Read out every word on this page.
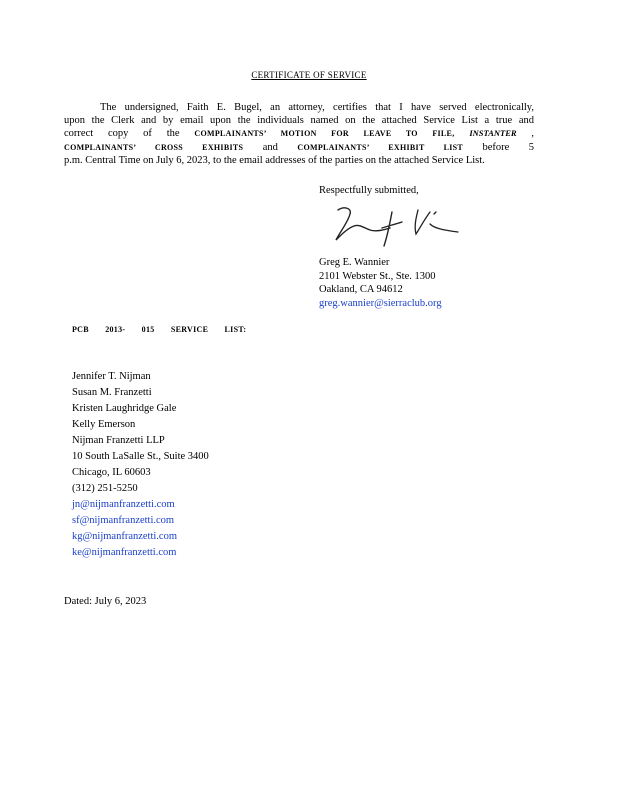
CERTIFICATE OF SERVICE
The undersigned, Faith E. Bugel, an attorney, certifies that I have served electronically,
upon the Clerk and by email upon the individuals named on the attached Service List a true and
correct copy of the COMPLAINANTS’ MOTION FOR LEAVE TO FILE, INSTANTER ,
COMPLAINANTS’ CROSS EXHIBITS and COMPLAINANTS’ EXHIBIT LIST before 5
p.m. Central Time on July 6, 2023, to the email addresses of the parties on the attached Service List.
Respectfully submitted,
Greg E. Wannier
2101 Webster St., Ste. 1300
Oakland, CA 94612
greg.wannier@sierraclub.org
PCB 2013- 015 SERVICE LIST:
Jennifer T. Nijman
Susan M. Franzetti
Kristen Laughridge Gale
Kelly Emerson
Nijman Franzetti LLP
10 South LaSalle St., Suite 3400
Chicago, IL 60603
(312) 251-5250
jn@nijmanfranzetti.com
sf@nijmanfranzetti.com
kg@nijmanfranzetti.com
ke@nijmanfranzetti.com
Dated: July 6, 2023
